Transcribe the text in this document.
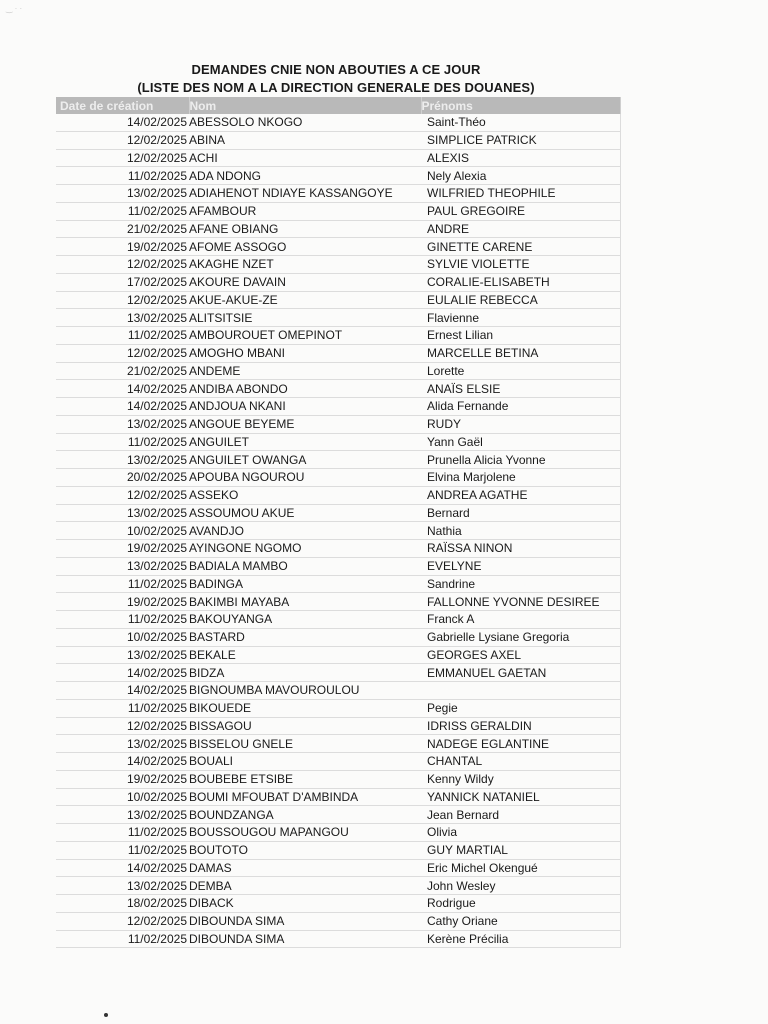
‿ · ·
DEMANDES CNIE NON ABOUTIES A CE JOUR
(LISTE DES NOM A LA DIRECTION GENERALE DES DOUANES)
Date de création	Nom	Prénoms
14/02/2025	ABESSOLO NKOGO	Saint-Théo
12/02/2025	ABINA	SIMPLICE PATRICK
12/02/2025	ACHI	ALEXIS
11/02/2025	ADA NDONG	Nely Alexia
13/02/2025	ADIAHENOT NDIAYE KASSANGOYE	WILFRIED THEOPHILE
11/02/2025	AFAMBOUR	PAUL GREGOIRE
21/02/2025	AFANE OBIANG	ANDRE
19/02/2025	AFOME ASSOGO	GINETTE CARENE
12/02/2025	AKAGHE NZET	SYLVIE VIOLETTE
17/02/2025	AKOURE DAVAIN	CORALIE-ELISABETH
12/02/2025	AKUE-AKUE-ZE	EULALIE REBECCA
13/02/2025	ALITSITSIE	Flavienne
11/02/2025	AMBOUROUET OMEPINOT	Ernest Lilian
12/02/2025	AMOGHO MBANI	MARCELLE BETINA
21/02/2025	ANDEME	Lorette
14/02/2025	ANDIBA ABONDO	ANAÏS ELSIE
14/02/2025	ANDJOUA NKANI	Alida Fernande
13/02/2025	ANGOUE BEYEME	RUDY
11/02/2025	ANGUILET	Yann Gaël
13/02/2025	ANGUILET OWANGA	Prunella Alicia Yvonne
20/02/2025	APOUBA NGOUROU	Elvina Marjolene
12/02/2025	ASSEKO	ANDREA AGATHE
13/02/2025	ASSOUMOU AKUE	Bernard
10/02/2025	AVANDJO	Nathia
19/02/2025	AYINGONE NGOMO	RAÏSSA NINON
13/02/2025	BADIALA MAMBO	EVELYNE
11/02/2025	BADINGA	Sandrine
19/02/2025	BAKIMBI MAYABA	FALLONNE YVONNE DESIREE
11/02/2025	BAKOUYANGA	Franck A
10/02/2025	BASTARD	Gabrielle Lysiane Gregoria
13/02/2025	BEKALE	GEORGES AXEL
14/02/2025	BIDZA	EMMANUEL GAETAN
14/02/2025	BIGNOUMBA MAVOUROULOU	
11/02/2025	BIKOUEDE	Pegie
12/02/2025	BISSAGOU	IDRISS GERALDIN
13/02/2025	BISSELOU GNELE	NADEGE EGLANTINE
14/02/2025	BOUALI	CHANTAL
19/02/2025	BOUBEBE ETSIBE	Kenny Wildy
10/02/2025	BOUMI MFOUBAT D'AMBINDA	YANNICK NATANIEL
13/02/2025	BOUNDZANGA	Jean Bernard
11/02/2025	BOUSSOUGOU MAPANGOU	Olivia
11/02/2025	BOUTOTO	GUY MARTIAL
14/02/2025	DAMAS	Eric Michel Okengué
13/02/2025	DEMBA	John Wesley
18/02/2025	DIBACK	Rodrigue
12/02/2025	DIBOUNDA SIMA	Cathy Oriane
11/02/2025	DIBOUNDA SIMA	Kerène Précilia
